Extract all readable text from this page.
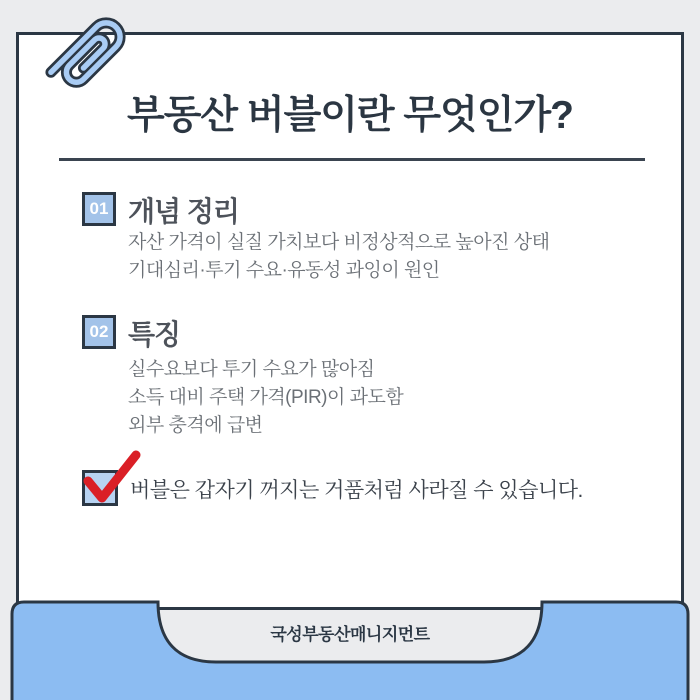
부동산 버블이란 무엇인가?
01 개념 정리
자산 가격이 실질 가치보다 비정상적으로 높아진 상태
기대심리·투기 수요·유동성 과잉이 원인
02 특징
실수요보다 투기 수요가 많아짐
소득 대비 주택 가격(PIR)이 과도함
외부 충격에 급변
버블은 갑자기 꺼지는 거품처럼 사라질 수 있습니다.
국성부동산매니지먼트
